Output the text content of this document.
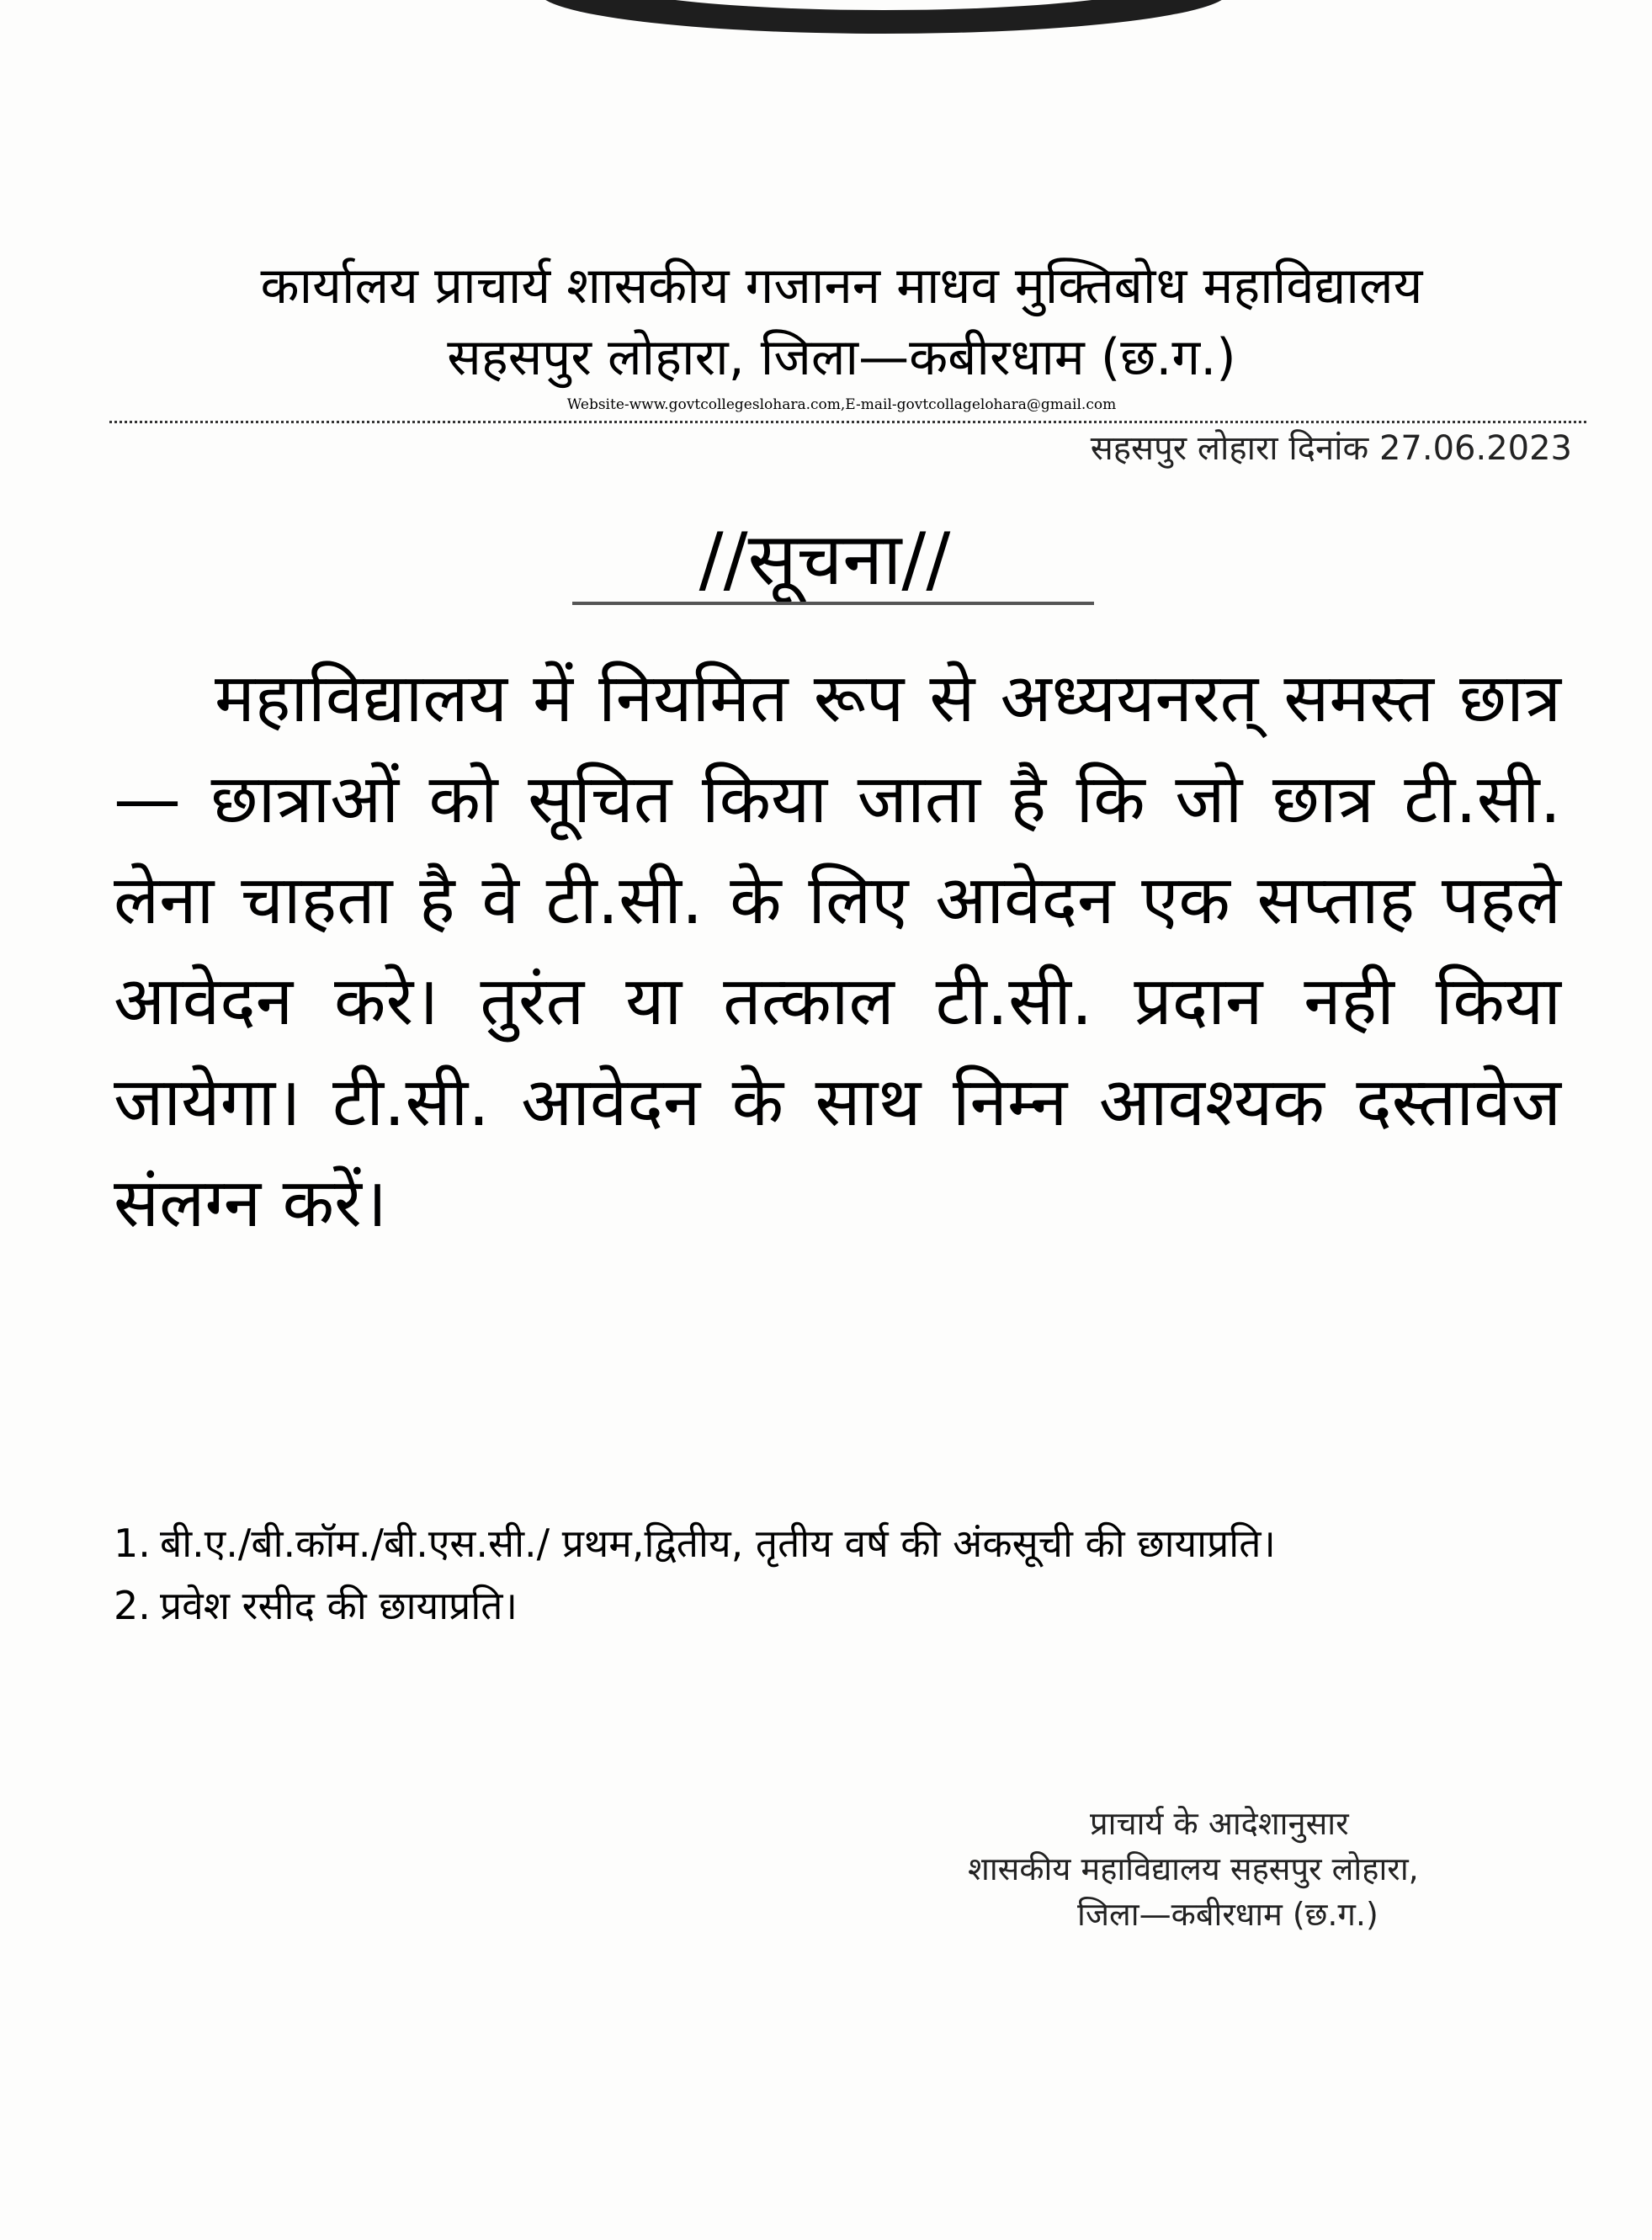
कार्यालय प्राचार्य शासकीय गजानन माधव मुक्तिबोध महाविद्यालय
सहसपुर लोहारा, जिला—कबीरधाम (छ.ग.)
Website-www.govtcollegeslohara.com,E-mail-govtcollagelohara@gmail.com
सहसपुर लोहारा दिनांक 27.06.2023
//सूचना//
महाविद्यालय में नियमित रूप से अध्ययनरत् समस्त छात्र— छात्राओं को सूचित किया जाता है कि जो छात्र टी.सी. लेना चाहता है वे टी.सी. के लिए आवेदन एक सप्ताह पहले आवेदन करे। तुरंत या तत्काल टी.सी. प्रदान नही किया जायेगा। टी.सी. आवेदन के साथ निम्न आवश्यक दस्तावेज संलग्न करें।
1. बी.ए./बी.कॉम./बी.एस.सी./ प्रथम,द्वितीय, तृतीय वर्ष की अंकसूची की छायाप्रति।
2. प्रवेश रसीद की छायाप्रति।
प्राचार्य के आदेशानुसार
शासकीय महाविद्यालय सहसपुर लोहारा,
जिला—कबीरधाम (छ.ग.)
